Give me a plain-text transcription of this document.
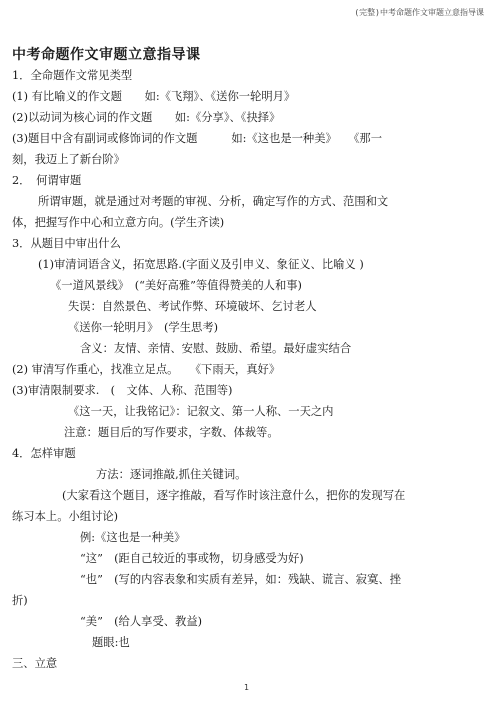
(完整)中考命题作文审题立意指导课
中考命题作文审题立意指导课
1．全命题作文常见类型
(1) 有比喻义的作文题　　如:《飞翔》、《送你一轮明月》
(2)以动词为核心词的作文题　　如:《分享》、《抉择》
(3)题目中含有副词或修饰词的作文题　　　如:《这也是一种美》　　《那一
刻，我迈上了新台阶》
2．　何谓审题
所谓审题，就是通过对考题的审视、分析，确定写作的方式、范围和文
体，把握写作中心和立意方向。(学生齐读)
3．从题目中审出什么
(1)审清词语含义，拓宽思路.(字面义及引申义、象征义、比喻义 )
《一道风景线》　(“美好高雅”等值得赞美的人和事)
失误：自然景色、考试作弊、环境破坏、乞讨老人
《送你一轮明月》　(学生思考)
含义：友情、亲情、安慰、鼓励、希望。最好虚实结合
(2) 审清写作重心，找准立足点。　　《下雨天，真好》
(3)审清限制要求.　(　文体、人称、范围等)
《这一天，让我铭记》：记叙文、第一人称、一天之内
注意：题目后的写作要求，字数、体裁等。
4．怎样审题
方法：逐词推敲,抓住关键词。
(大家看这个题目，逐字推敲，看写作时该注意什么，把你的发现写在
练习本上。小组讨论)
例:《这也是一种美》
“这”　(距自己较近的事或物，切身感受为好)
“也”　(写的内容表象和实质有差异，如：残缺、谎言、寂寞、挫
折)
“美”　(给人享受、教益)
题眼:也
三、立意
1
